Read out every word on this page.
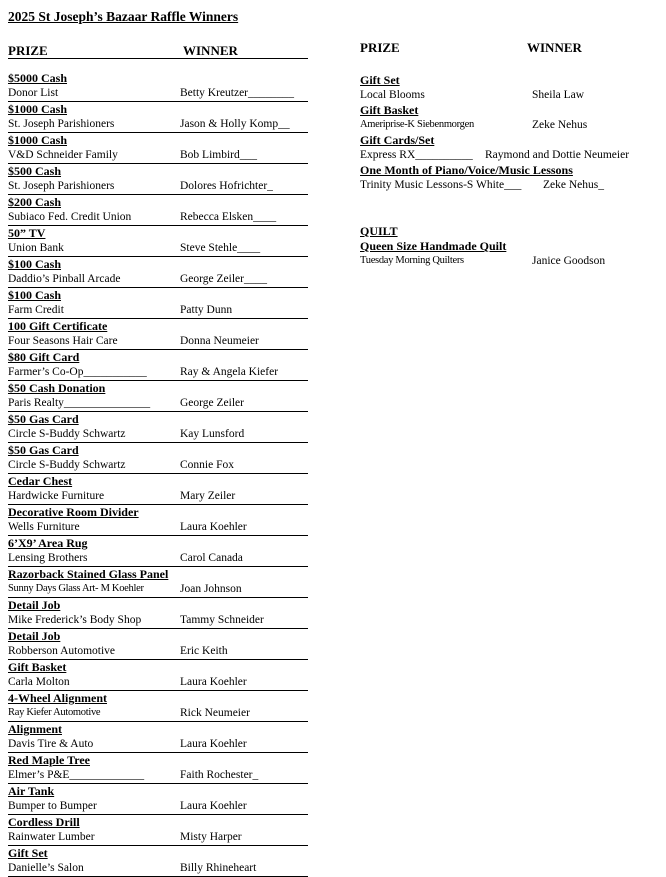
2025 St Joseph’s Bazaar Raffle Winners
PRIZE	WINNER	PRIZE	WINNER
$5000 Cash
Donor List	Betty Kreutzer________
$1000 Cash
St. Joseph Parishioners	Jason & Holly Komp__
$1000 Cash
V&D Schneider Family	Bob Limbird___
$500 Cash
St. Joseph Parishioners	Dolores Hofrichter_
$200 Cash
Subiaco Fed. Credit Union	Rebecca Elsken____
50” TV
Union Bank	Steve Stehle____
$100 Cash
Daddio’s Pinball Arcade	George Zeiler____
$100 Cash
Farm Credit	Patty Dunn
100 Gift Certificate
Four Seasons Hair Care	Donna Neumeier
$80 Gift Card
Farmer’s Co-Op___________	Ray & Angela Kiefer
$50 Cash Donation
Paris Realty_______________	George Zeiler
$50 Gas Card
Circle S-Buddy Schwartz	Kay Lunsford
$50 Gas Card
Circle S-Buddy Schwartz	Connie Fox
Cedar Chest
Hardwicke Furniture	Mary Zeiler
Decorative Room Divider
Wells Furniture	Laura Koehler
6’X9’ Area Rug
Lensing Brothers	Carol Canada
Razorback Stained Glass Panel
Sunny Days Glass Art- M Koehler	Joan Johnson
Detail Job
Mike Frederick’s Body Shop	Tammy Schneider
Detail Job
Robberson Automotive	Eric Keith
Gift Basket
Carla Molton	Laura Koehler
4-Wheel Alignment
Ray Kiefer Automotive	Rick Neumeier
Alignment
Davis Tire & Auto	Laura Koehler
Red Maple Tree
Elmer’s P&E_____________	Faith Rochester_
Air Tank
Bumper to Bumper	Laura Koehler
Cordless Drill
Rainwater Lumber	Misty Harper
Gift Set
Danielle’s Salon	Billy Rhineheart
Gift Set
Local Blooms	Sheila Law
Gift Basket
Ameriprise-K Siebenmorgen	Zeke Nehus
Gift Cards/Set
Express RX__________ Raymond and Dottie Neumeier
One Month of Piano/Voice/Music Lessons
Trinity Music Lessons-S White___ Zeke Nehus_
QUILT
Queen Size Handmade Quilt
Tuesday Morning Quilters	Janice Goodson
